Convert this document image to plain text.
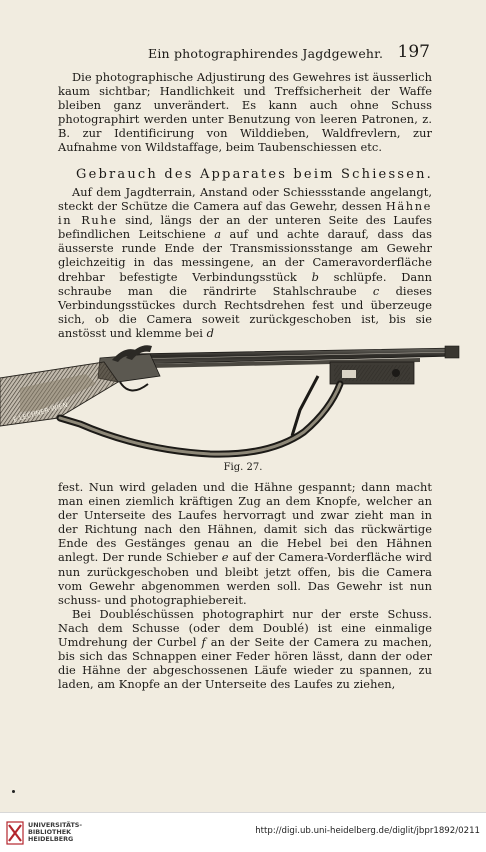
Ein photographirendes Jagdgewehr. 197

Die photographische Adjustirung des Gewehres ist äusserlich kaum sichtbar; Handlichkeit und Treffsicherheit der Waffe bleiben ganz unverändert. Es kann auch ohne Schuss photographirt werden unter Benutzung von leeren Patronen, z. B. zur Identificirung von Wilddieben, Waldfrevlern, zur Aufnahme von Wildstaffage, beim Taubenschiessen etc.

Gebrauch des Apparates beim Schiessen.

Auf dem Jagdterrain, Anstand oder Schiessstande angelangt, steckt der Schütze die Camera auf das Gewehr, dessen Hähne in Ruhe sind, längs der an der unteren Seite des Laufes befindlichen Leitschiene a auf und achte darauf, dass das äusserste runde Ende der Transmissionsstange am Gewehr gleichzeitig in das messingene, an der Cameravorderfläche drehbar befestigte Verbindungsstück b schlüpfe. Dann schraube man die rändrirte Stahlschraube c dieses Verbindungsstückes durch Rechtsdrehen fest und überzeuge sich, ob die Camera soweit zurückgeschoben ist, bis sie anstösst und klemme bei d

E.LECHNER·WIEN
Fig. 27.

fest. Nun wird geladen und die Hähne gespannt; dann macht man einen ziemlich kräftigen Zug an dem Knopfe, welcher an der Unterseite des Laufes hervorragt und zwar zieht man in der Richtung nach den Hähnen, damit sich das rückwärtige Ende des Gestänges genau an die Hebel bei den Hähnen anlegt. Der runde Schieber e auf der Camera-Vorderfläche wird nun zurückgeschoben und bleibt jetzt offen, bis die Camera vom Gewehr abgenommen werden soll. Das Gewehr ist nun schuss- und photographiebereit.

Bei Doubléschüssen photographirt nur der erste Schuss. Nach dem Schusse (oder dem Doublé) ist eine einmalige Umdrehung der Curbel f an der Seite der Camera zu machen, bis sich das Schnappen einer Feder hören lässt, dann der oder die Hähne der abgeschossenen Läufe wieder zu spannen, zu laden, am Knopfe an der Unterseite des Laufes zu ziehen,

UNIVERSITÄTS-
BIBLIOTHEK
HEIDELBERG
http://digi.ub.uni-heidelberg.de/diglit/jbpr1892/0211
